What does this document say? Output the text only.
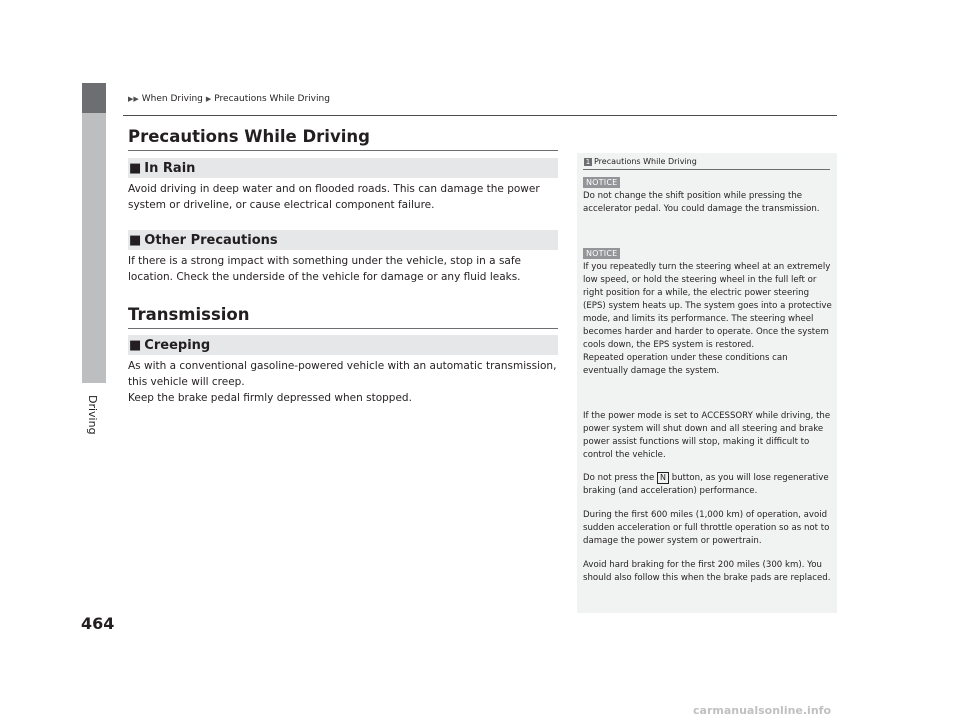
Driving
464
▶▶ When Driving ▶ Precautions While Driving
Precautions While Driving
■ In Rain

Avoid driving in deep water and on flooded roads. This can damage the power system or driveline, or cause electrical component failure.

■ Other Precautions

If there is a strong impact with something under the vehicle, stop in a safe location. Check the underside of the vehicle for damage or any fluid leaks.

Transmission
■ Creeping

As with a conventional gasoline-powered vehicle with an automatic transmission, this vehicle will creep.

Keep the brake pedal firmly depressed when stopped.

1 Precautions While Driving
NOTICE

Do not change the shift position while pressing the accelerator pedal. You could damage the transmission.

NOTICE

If you repeatedly turn the steering wheel at an extremely low speed, or hold the steering wheel in the full left or right position for a while, the electric power steering (EPS) system heats up. The system goes into a protective mode, and limits its performance. The steering wheel becomes harder and harder to operate. Once the system cools down, the EPS system is restored.

Repeated operation under these conditions can eventually damage the system.

If the power mode is set to ACCESSORY while driving, the power system will shut down and all steering and brake power assist functions will stop, making it difficult to control the vehicle.

Do not press the N button, as you will lose regenerative braking (and acceleration) performance.

During the first 600 miles (1,000 km) of operation, avoid sudden acceleration or full throttle operation so as not to damage the power system or powertrain.

Avoid hard braking for the first 200 miles (300 km). You should also follow this when the brake pads are replaced.

carmanualsonline.info
